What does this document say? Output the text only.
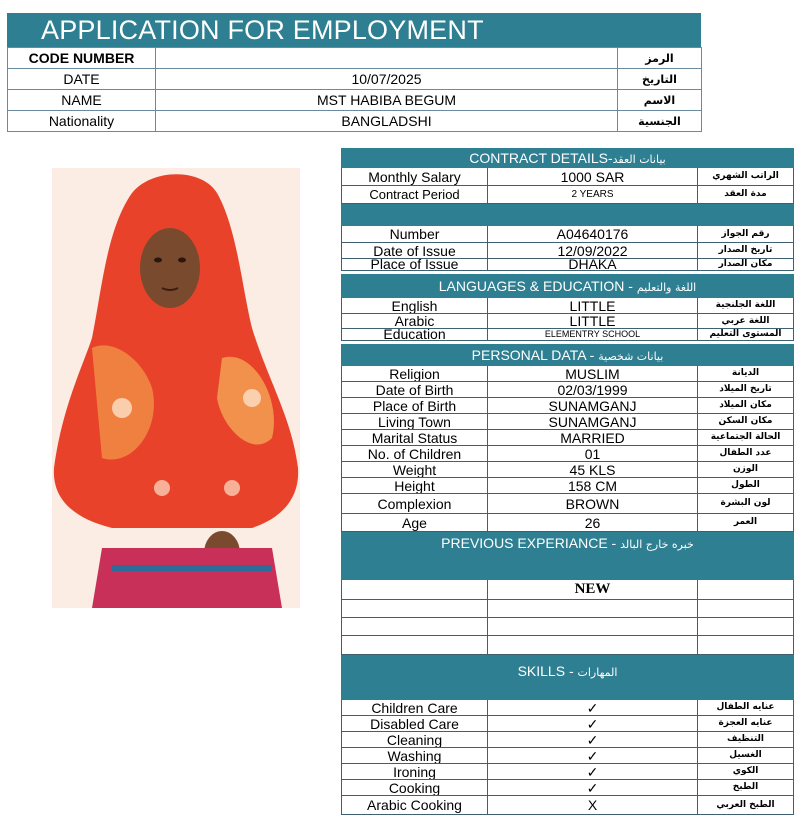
APPLICATION FOR EMPLOYMENT
CODE NUMBER		الرمز
DATE	10/07/2025	التاريخ
NAME	MST HABIBA BEGUM	الاسم
Nationality	BANGLADSHI	الجنسية
CONTRACT DETAILS-بيانات العقد
Monthly Salary	1000 SAR	الراتب الشهري
Contract Period	2 YEARS	مدة العقد
Number	A04640176	رقم الجواز
Date of Issue	12/09/2022	تاريخ الصدار
Place of Issue	DHAKA	مكان الصدار
LANGUAGES & EDUCATION - اللغة والتعليم
English	LITTLE	اللغة الجلنجية
Arabic	LITTLE	اللغة عربي
Education	ELEMENTRY SCHOOL	المستوى التعليم
PERSONAL DATA - بيانات شخصية
Religion	MUSLIM	الديانة
Date of Birth	02/03/1999	تاريخ الميلاد
Place of Birth	SUNAMGANJ	مكان الميلاد
Living Town	SUNAMGANJ	مكان السكن
Marital Status	MARRIED	الحالة الجتماعية
No. of Children	01	عدد الطفال
Weight	45 KLS	الوزن
Height	158 CM	الطول
Complexion	BROWN	لون البشرة
Age	26	العمر
PREVIOUS EXPERIANCE - خبره خارج البالد
NEW
SKILLS - المهارات
Children Care	✓	عنايه الطفال
Disabled Care	✓	عنايه العجزة
Cleaning	✓	التنظيف
Washing	✓	الغسيل
Ironing	✓	الكوي
Cooking	✓	الطبخ
Arabic Cooking	X	الطبخ العربي
